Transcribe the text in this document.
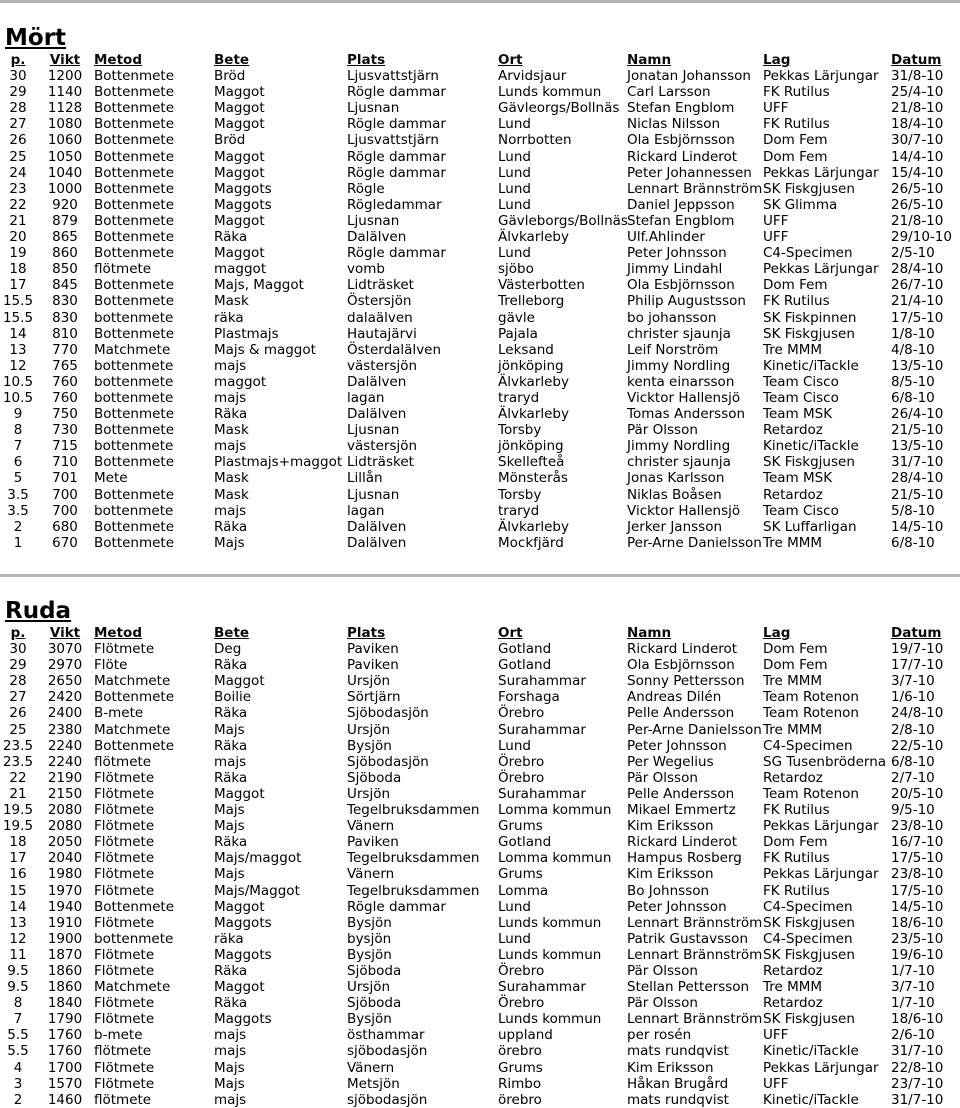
Mört
p.	Vikt	Metod	Bete	Plats	Ort	Namn	Lag	Datum
30	1200	Bottenmete	Bröd	Ljusvattstjärn	Arvidsjaur	Jonatan Johansson	Pekkas Lärjungar	31/8-10
29	1140	Bottenmete	Maggot	Rögle dammar	Lunds kommun	Carl Larsson	FK Rutilus	25/4-10
28	1128	Bottenmete	Maggot	Ljusnan	Gävleorgs/Bollnäs	Stefan Engblom	UFF	21/8-10
27	1080	Bottenmete	Maggot	Rögle dammar	Lund	Niclas Nilsson	FK Rutilus	18/4-10
26	1060	Bottenmete	Bröd	Ljusvattstjärn	Norrbotten	Ola Esbjörnsson	Dom Fem	30/7-10
25	1050	Bottenmete	Maggot	Rögle dammar	Lund	Rickard Linderot	Dom Fem	14/4-10
24	1040	Bottenmete	Maggot	Rögle dammar	Lund	Peter Johannessen	Pekkas Lärjungar	15/4-10
23	1000	Bottenmete	Maggots	Rögle	Lund	Lennart Brännström	SK Fiskgjusen	26/5-10
22	920	Bottenmete	Maggots	Rögledammar	Lund	Daniel Jeppsson	SK Glimma	26/5-10
21	879	Bottenmete	Maggot	Ljusnan	Gävleborgs/Bollnäs	Stefan Engblom	UFF	21/8-10
20	865	Bottenmete	Räka	Dalälven	Älvkarleby	Ulf.Ahlinder	UFF	29/10-10
19	860	Bottenmete	Maggot	Rögle dammar	Lund	Peter Johnsson	C4-Specimen	2/5-10
18	850	flötmete	maggot	vomb	sjöbo	Jimmy Lindahl	Pekkas Lärjungar	28/4-10
17	845	Bottenmete	Majs, Maggot	Lidträsket	Västerbotten	Ola Esbjörnsson	Dom Fem	26/7-10
15.5	830	Bottenmete	Mask	Östersjön	Trelleborg	Philip Augustsson	FK Rutilus	21/4-10
15.5	830	bottenmete	räka	dalaälven	gävle	bo johansson	SK Fiskpinnen	17/5-10
14	810	Bottenmete	Plastmajs	Hautajärvi	Pajala	christer sjaunja	SK Fiskgjusen	1/8-10
13	770	Matchmete	Majs & maggot	Österdalälven	Leksand	Leif Norström	Tre MMM	4/8-10
12	765	bottenmete	majs	västersjön	jönköping	Jimmy Nordling	Kinetic/iTackle	13/5-10
10.5	760	bottenmete	maggot	Dalälven	Älvkarleby	kenta einarsson	Team Cisco	8/5-10
10.5	760	bottenmete	majs	lagan	traryd	Vicktor Hallensjö	Team Cisco	6/8-10
9	750	Bottenmete	Räka	Dalälven	Älvkarleby	Tomas Andersson	Team MSK	26/4-10
8	730	Bottenmete	Mask	Ljusnan	Torsby	Pär Olsson	Retardoz	21/5-10
7	715	bottenmete	majs	västersjön	jönköping	Jimmy Nordling	Kinetic/iTackle	13/5-10
6	710	Bottenmete	Plastmajs+maggot	Lidträsket	Skellefteå	christer sjaunja	SK Fiskgjusen	31/7-10
5	701	Mete	Mask	Lillån	Mönsterås	Jonas Karlsson	Team MSK	28/4-10
3.5	700	Bottenmete	Mask	Ljusnan	Torsby	Niklas Boåsen	Retardoz	21/5-10
3.5	700	bottenmete	majs	lagan	traryd	Vicktor Hallensjö	Team Cisco	5/8-10
2	680	Bottenmete	Räka	Dalälven	Älvkarleby	Jerker Jansson	SK Luffarligan	14/5-10
1	670	Bottenmete	Majs	Dalälven	Mockfjärd	Per-Arne Danielsson	Tre MMM	6/8-10
Ruda
p.	Vikt	Metod	Bete	Plats	Ort	Namn	Lag	Datum
30	3070	Flötmete	Deg	Paviken	Gotland	Rickard Linderot	Dom Fem	19/7-10
29	2970	Flöte	Räka	Paviken	Gotland	Ola Esbjörnsson	Dom Fem	17/7-10
28	2650	Matchmete	Maggot	Ursjön	Surahammar	Sonny Pettersson	Tre MMM	3/7-10
27	2420	Bottenmete	Boilie	Sörtjärn	Forshaga	Andreas Dilén	Team Rotenon	1/6-10
26	2400	B-mete	Räka	Sjöbodasjön	Örebro	Pelle Andersson	Team Rotenon	24/8-10
25	2380	Matchmete	Majs	Ursjön	Surahammar	Per-Arne Danielsson	Tre MMM	2/8-10
23.5	2240	Bottenmete	Räka	Bysjön	Lund	Peter Johnsson	C4-Specimen	22/5-10
23.5	2240	flötmete	majs	Sjöbodasjön	Örebro	Per Wegelius	SG Tusenbröderna	6/8-10
22	2190	Flötmete	Räka	Sjöboda	Örebro	Pär Olsson	Retardoz	2/7-10
21	2150	Flötmete	Maggot	Ursjön	Surahammar	Pelle Andersson	Team Rotenon	20/5-10
19.5	2080	Flötmete	Majs	Tegelbruksdammen	Lomma kommun	Mikael Emmertz	FK Rutilus	9/5-10
19.5	2080	Flötmete	Majs	Vänern	Grums	Kim Eriksson	Pekkas Lärjungar	23/8-10
18	2050	Flötmete	Räka	Paviken	Gotland	Rickard Linderot	Dom Fem	16/7-10
17	2040	Flötmete	Majs/maggot	Tegelbruksdammen	Lomma kommun	Hampus Rosberg	FK Rutilus	17/5-10
16	1980	Flötmete	Majs	Vänern	Grums	Kim Eriksson	Pekkas Lärjungar	23/8-10
15	1970	Flötmete	Majs/Maggot	Tegelbruksdammen	Lomma	Bo Johnsson	FK Rutilus	17/5-10
14	1940	Bottenmete	Maggot	Rögle dammar	Lund	Peter Johnsson	C4-Specimen	14/5-10
13	1910	Flötmete	Maggots	Bysjön	Lunds kommun	Lennart Brännström	SK Fiskgjusen	18/6-10
12	1900	bottenmete	räka	bysjön	Lund	Patrik Gustavsson	C4-Specimen	23/5-10
11	1870	Flötmete	Maggots	Bysjön	Lunds kommun	Lennart Brännström	SK Fiskgjusen	19/6-10
9.5	1860	Flötmete	Räka	Sjöboda	Örebro	Pär Olsson	Retardoz	1/7-10
9.5	1860	Matchmete	Maggot	Ursjön	Surahammar	Stellan Pettersson	Tre MMM	3/7-10
8	1840	Flötmete	Räka	Sjöboda	Örebro	Pär Olsson	Retardoz	1/7-10
7	1790	Flötmete	Maggots	Bysjön	Lunds kommun	Lennart Brännström	SK Fiskgjusen	18/6-10
5.5	1760	b-mete	majs	östhammar	uppland	per rosén	UFF	2/6-10
5.5	1760	flötmete	majs	sjöbodasjön	örebro	mats rundqvist	Kinetic/iTackle	31/7-10
4	1700	Flötmete	Majs	Vänern	Grums	Kim Eriksson	Pekkas Lärjungar	22/8-10
3	1570	Flötmete	Majs	Metsjön	Rimbo	Håkan Brugård	UFF	23/7-10
2	1460	flötmete	majs	sjöbodasjön	örebro	mats rundqvist	Kinetic/iTackle	31/7-10
